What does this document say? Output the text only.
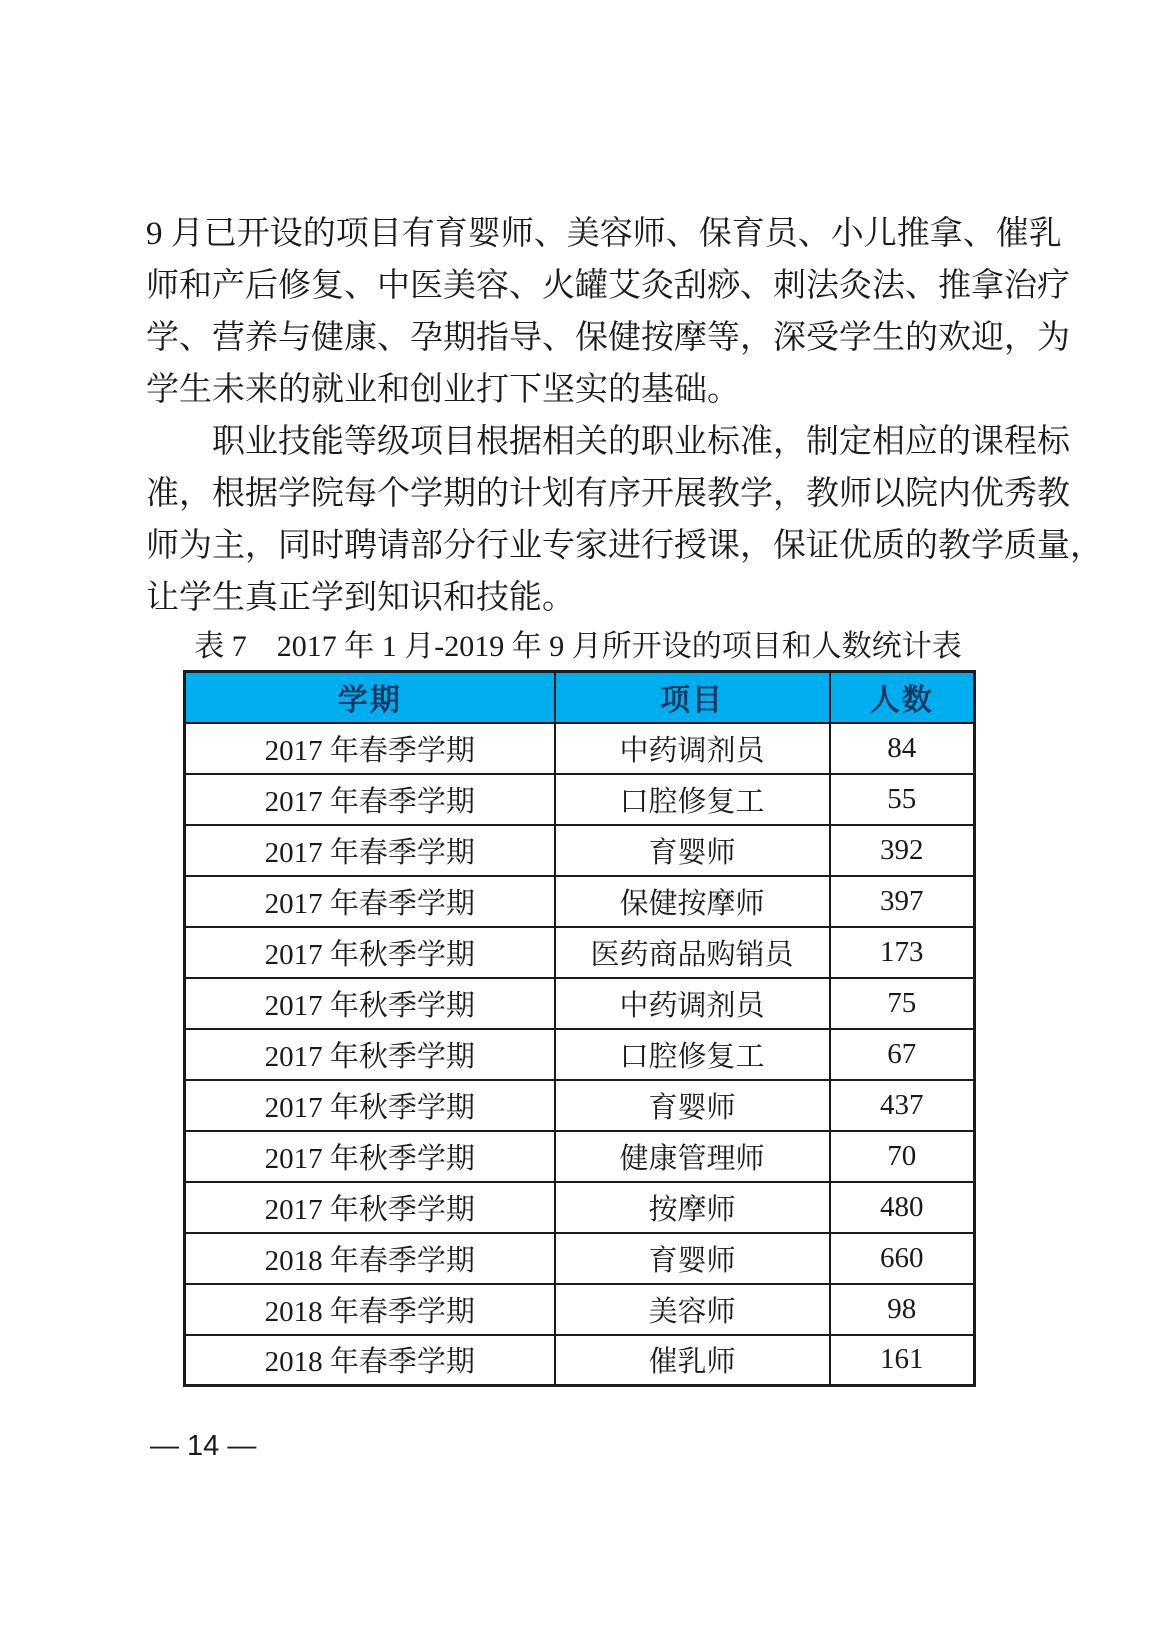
9 月已开设的项目有育婴师、美容师、保育员、小儿推拿、催乳
师和产后修复、中医美容、火罐艾灸刮痧、刺法灸法、推拿治疗
学、营养与健康、孕期指导、保健按摩等，深受学生的欢迎，为
学生未来的就业和创业打下坚实的基础。
职业技能等级项目根据相关的职业标准，制定相应的课程标
准，根据学院每个学期的计划有序开展教学，教师以院内优秀教
师为主，同时聘请部分行业专家进行授课，保证优质的教学质量，
让学生真正学到知识和技能。
表 7　2017 年 1 月-2019 年 9 月所开设的项目和人数统计表
学期	项目	人数
2017 年春季学期	中药调剂员	84
2017 年春季学期	口腔修复工	55
2017 年春季学期	育婴师	392
2017 年春季学期	保健按摩师	397
2017 年秋季学期	医药商品购销员	173
2017 年秋季学期	中药调剂员	75
2017 年秋季学期	口腔修复工	67
2017 年秋季学期	育婴师	437
2017 年秋季学期	健康管理师	70
2017 年秋季学期	按摩师	480
2018 年春季学期	育婴师	660
2018 年春季学期	美容师	98
2018 年春季学期	催乳师	161
— 14 —
